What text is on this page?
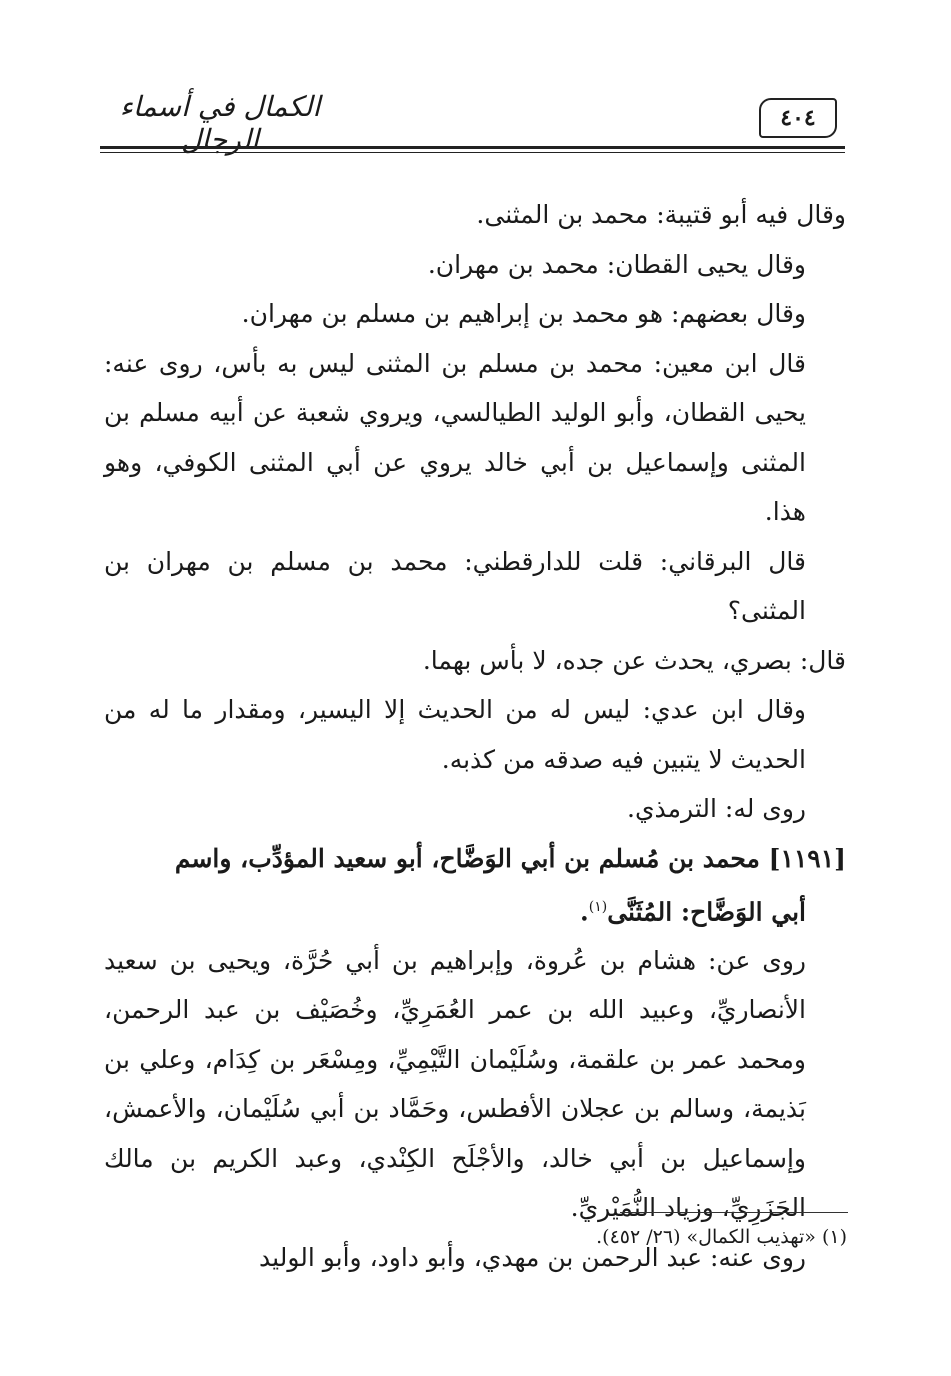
الكمال في أسماء الرجال
٤٠٤

وقال فيه أبو قتيبة: محمد بن المثنى.

وقال يحيى القطان: محمد بن مهران.

وقال بعضهم: هو محمد بن إبراهيم بن مسلم بن مهران.

قال ابن معين: محمد بن مسلم بن المثنى ليس به بأس، روى عنه: يحيى القطان، وأبو الوليد الطيالسي، ويروي شعبة عن أبيه مسلم بن المثنى وإسماعيل بن أبي خالد يروي عن أبي المثنى الكوفي، وهو هذا.

قال البرقاني: قلت للدارقطني: محمد بن مسلم بن مهران بن المثنى؟

قال: بصري، يحدث عن جده، لا بأس بهما.

وقال ابن عدي: ليس له من الحديث إلا اليسير، ومقدار ما له من الحديث لا يتبين فيه صدقه من كذبه.

روى له: الترمذي.

[١١٩١] محمد بن مُسلم بن أبي الوَضَّاح، أبو سعيد المؤدِّب، واسم
أبي الوَضَّاح: المُثَنَّى$^{(١)}$.

روى عن: هشام بن عُروة، وإبراهيم بن أبي حُرَّة، ويحيى بن سعيد الأنصاريِّ، وعبيد الله بن عمر العُمَرِيِّ، وخُصَيْف بن عبد الرحمن، ومحمد عمر بن علقمة، وسُلَيْمان التَّيْمِيِّ، ومِسْعَر بن كِدَام، وعلي بن بَذيمة، وسالم بن عجلان الأفطس، وحَمَّاد بن أبي سُلَيْمان، والأعمش، وإسماعيل بن أبي خالد، والأجْلَح الكِنْدي، وعبد الكريم بن مالك الجَزَرِيِّ، وزياد النُّمَيْريِّ.

روى عنه: عبد الرحمن بن مهدي، وأبو داود، وأبو الوليد

(١) «تهذيب الكمال» (٢٦/ ٤٥٢).
